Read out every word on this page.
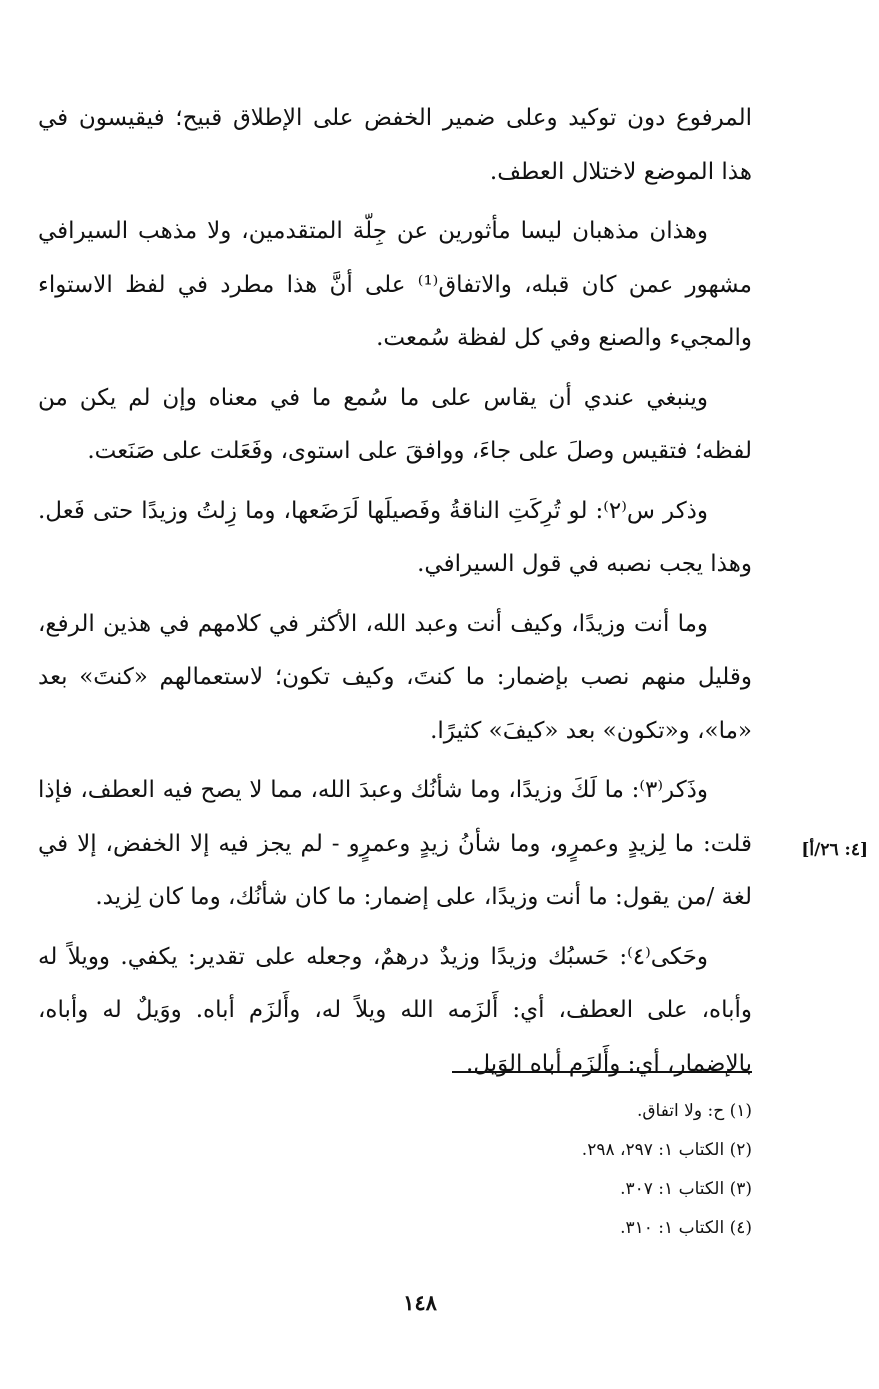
المرفوع دون توكيد وعلى ضمير الخفض على الإطلاق قبيح؛ فيقيسون في هذا الموضع لاختلال العطف.

وهذان مذهبان ليسا مأثورين عن جِلّة المتقدمين، ولا مذهب السيرافي مشهور عمن كان قبله، والاتفاق⁽¹⁾ على أنَّ هذا مطرد في لفظ الاستواء والمجيء والصنع وفي كل لفظة سُمعت.

وينبغي عندي أن يقاس على ما سُمع ما في معناه وإن لم يكن من لفظه؛ فتقيس وصلَ على جاءَ، ووافقَ على استوى، وفَعَلت على صَنَعت.

وذكر س⁽٢⁾: لو تُرِكَتِ الناقةُ وفَصيلَها لَرَضَعها، وما زِلتُ وزيدًا حتى فَعل. وهذا يجب نصبه في قول السيرافي.

وما أنت وزيدًا، وكيف أنت وعبد الله، الأكثر في كلامهم في هذين الرفع، وقليل منهم نصب بإضمار: ما كنتَ، وكيف تكون؛ لاستعمالهم «كنتَ» بعد «ما»، و«تكون» بعد «كيفَ» كثيرًا.

وذَكر⁽٣⁾: ما لَكَ وزيدًا، وما شأنُك وعبدَ الله، مما لا يصح فيه العطف، فإذا قلت: ما لِزيدٍ وعمرٍو، وما شأنُ زيدٍ وعمرٍو - لم يجز فيه إلا الخفض، إلا في لغة /من يقول: ما أنت وزيدًا، على إضمار: ما كان شأنُك، وما كان لِزيد.

وحَكى⁽٤⁾: حَسبُك وزيدًا وزيدٌ درهمٌ، وجعله على تقدير: يكفي. وويلاً له وأباه، على العطف، أي: أَلزَمه الله ويلاً له، وأَلزَم أباه. ووَيلٌ له وأباه، بالإضمار، أي: وأَلزَم أباه الوَيل.

[٤: ٢٦/أ]

(١) ح: ولا اتفاق.

(٢) الكتاب ١: ٢٩٧، ٢٩٨.

(٣) الكتاب ١: ٣٠٧.

(٤) الكتاب ١: ٣١٠.

١٤٨
